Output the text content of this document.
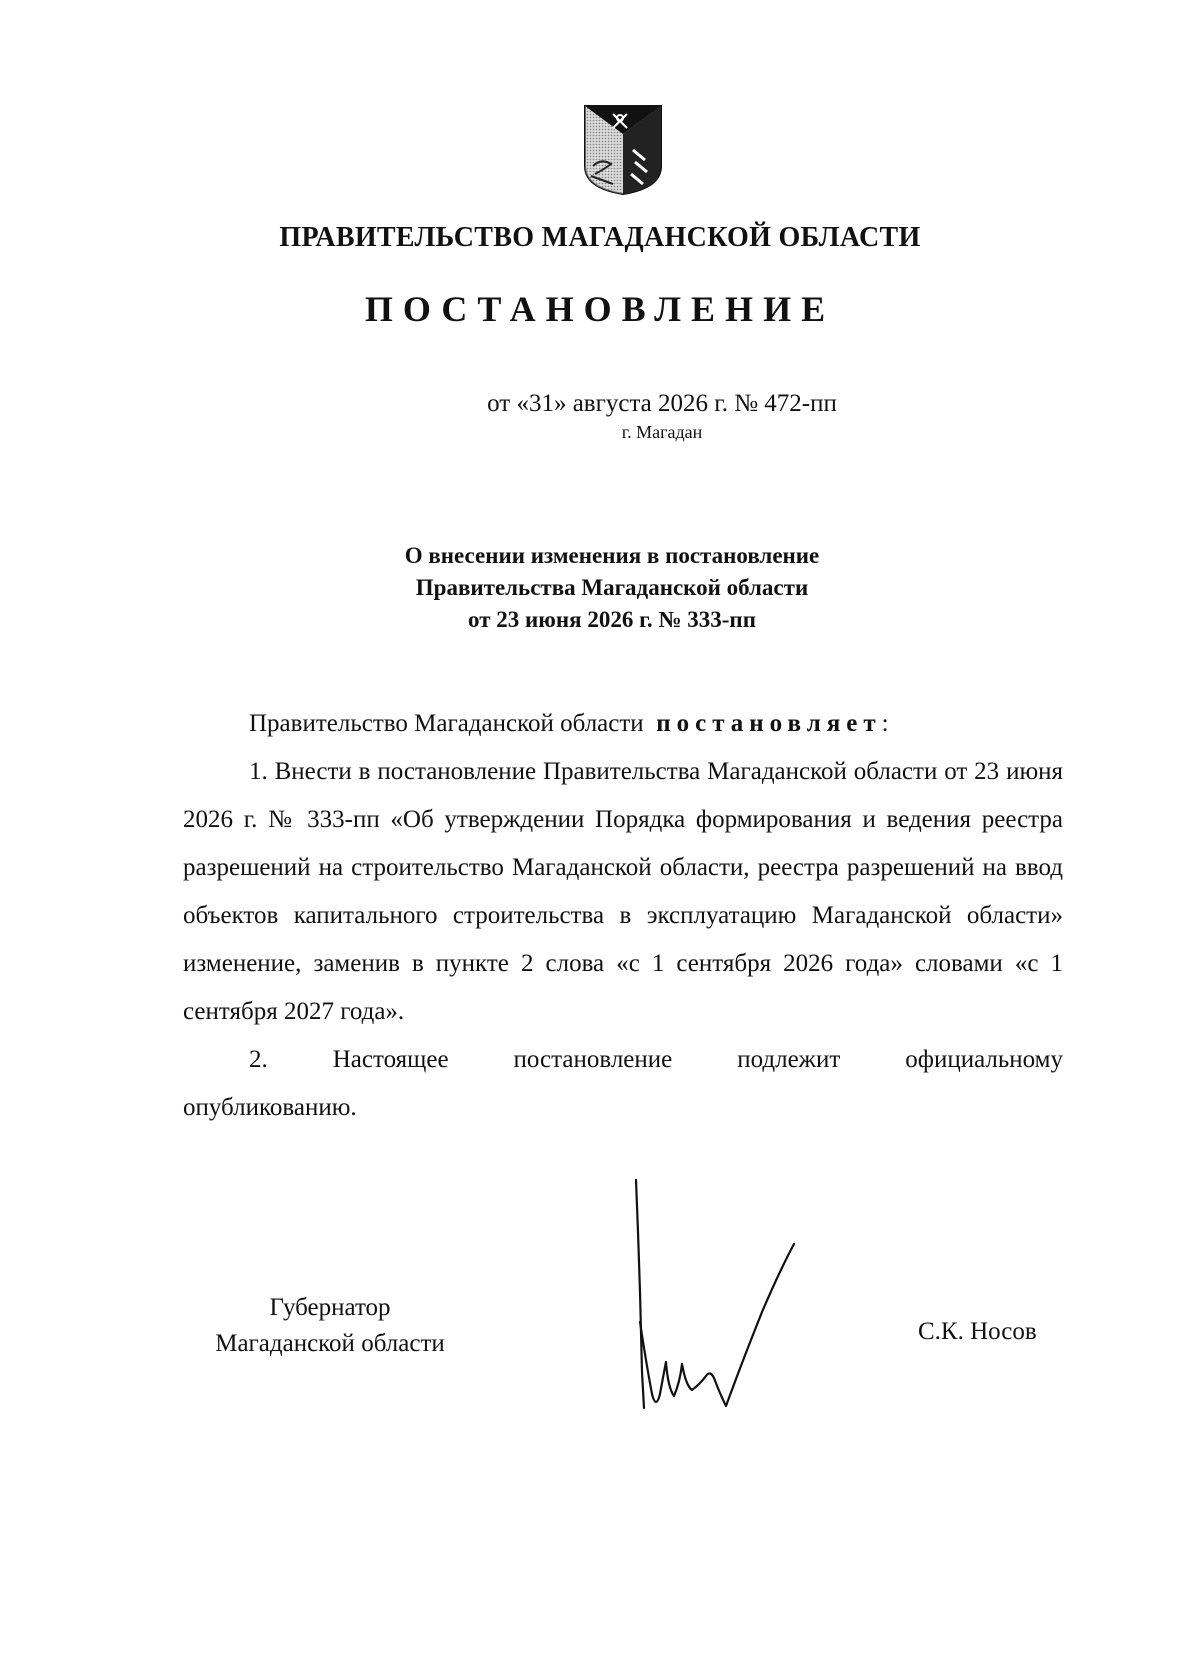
ПРАВИТЕЛЬСТВО МАГАДАНСКОЙ ОБЛАСТИ
ПОСТАНОВЛЕНИЕ
от «31» августа 2026 г. № 472-пп
г. Магадан
О внесении изменения в постановление
Правительства Магаданской области
от 23 июня 2026 г. № 333-пп

Правительство Магаданской области постановляет:

1. Внести в постановление Правительства Магаданской области от 23 июня 2026 г. № 333-пп «Об утверждении Порядка формирования и ведения реестра разрешений на строительство Магаданской области, реестра разрешений на ввод объектов капитального строительства в эксплуатацию Магаданской области» изменение, заменив в пункте 2 слова «с 1 сентября 2026 года» словами «с 1 сентября 2027 года».

2. Настоящее постановление подлежит официальному опубликованию.

Губернатор
Магаданской области	С.К. Носов
